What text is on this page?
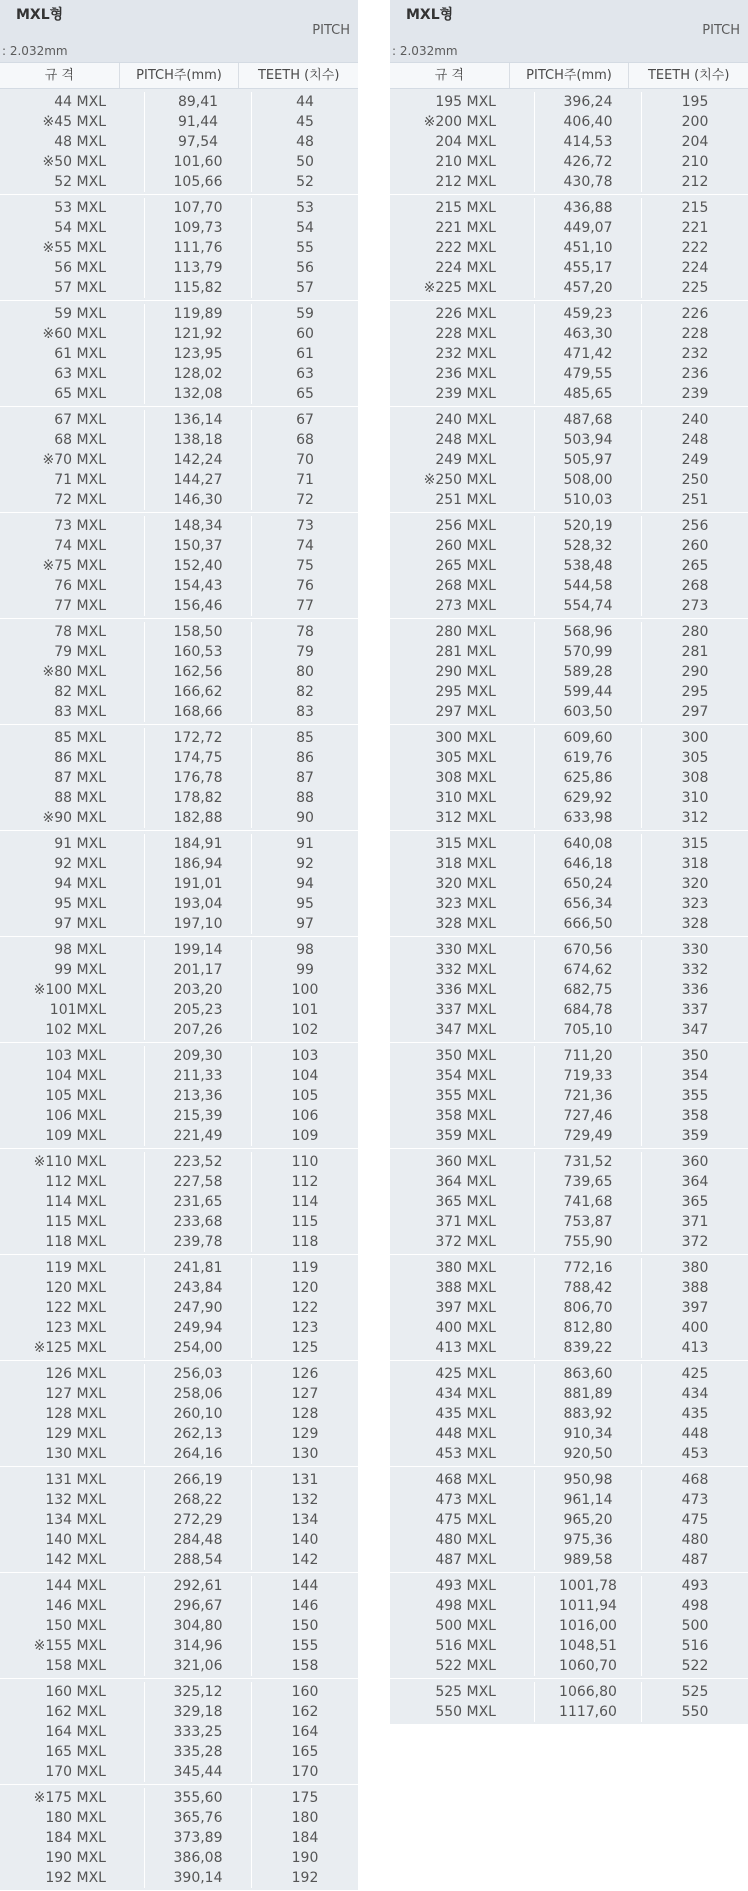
MXL형
PITCH
: 2.032mm
규 격	PITCH주(mm)	TEETH (치수)
44 MXL	89,41	44
※45 MXL	91,44	45
48 MXL	97,54	48
※50 MXL	101,60	50
52 MXL	105,66	52
53 MXL	107,70	53
54 MXL	109,73	54
※55 MXL	111,76	55
56 MXL	113,79	56
57 MXL	115,82	57
59 MXL	119,89	59
※60 MXL	121,92	60
61 MXL	123,95	61
63 MXL	128,02	63
65 MXL	132,08	65
67 MXL	136,14	67
68 MXL	138,18	68
※70 MXL	142,24	70
71 MXL	144,27	71
72 MXL	146,30	72
73 MXL	148,34	73
74 MXL	150,37	74
※75 MXL	152,40	75
76 MXL	154,43	76
77 MXL	156,46	77
78 MXL	158,50	78
79 MXL	160,53	79
※80 MXL	162,56	80
82 MXL	166,62	82
83 MXL	168,66	83
85 MXL	172,72	85
86 MXL	174,75	86
87 MXL	176,78	87
88 MXL	178,82	88
※90 MXL	182,88	90
91 MXL	184,91	91
92 MXL	186,94	92
94 MXL	191,01	94
95 MXL	193,04	95
97 MXL	197,10	97
98 MXL	199,14	98
99 MXL	201,17	99
※100 MXL	203,20	100
101MXL	205,23	101
102 MXL	207,26	102
103 MXL	209,30	103
104 MXL	211,33	104
105 MXL	213,36	105
106 MXL	215,39	106
109 MXL	221,49	109
※110 MXL	223,52	110
112 MXL	227,58	112
114 MXL	231,65	114
115 MXL	233,68	115
118 MXL	239,78	118
119 MXL	241,81	119
120 MXL	243,84	120
122 MXL	247,90	122
123 MXL	249,94	123
※125 MXL	254,00	125
126 MXL	256,03	126
127 MXL	258,06	127
128 MXL	260,10	128
129 MXL	262,13	129
130 MXL	264,16	130
131 MXL	266,19	131
132 MXL	268,22	132
134 MXL	272,29	134
140 MXL	284,48	140
142 MXL	288,54	142
144 MXL	292,61	144
146 MXL	296,67	146
150 MXL	304,80	150
※155 MXL	314,96	155
158 MXL	321,06	158
160 MXL	325,12	160
162 MXL	329,18	162
164 MXL	333,25	164
165 MXL	335,28	165
170 MXL	345,44	170
※175 MXL	355,60	175
180 MXL	365,76	180
184 MXL	373,89	184
190 MXL	386,08	190
192 MXL	390,14	192
MXL형
PITCH
: 2.032mm
규 격	PITCH주(mm)	TEETH (치수)
195 MXL	396,24	195
※200 MXL	406,40	200
204 MXL	414,53	204
210 MXL	426,72	210
212 MXL	430,78	212
215 MXL	436,88	215
221 MXL	449,07	221
222 MXL	451,10	222
224 MXL	455,17	224
※225 MXL	457,20	225
226 MXL	459,23	226
228 MXL	463,30	228
232 MXL	471,42	232
236 MXL	479,55	236
239 MXL	485,65	239
240 MXL	487,68	240
248 MXL	503,94	248
249 MXL	505,97	249
※250 MXL	508,00	250
251 MXL	510,03	251
256 MXL	520,19	256
260 MXL	528,32	260
265 MXL	538,48	265
268 MXL	544,58	268
273 MXL	554,74	273
280 MXL	568,96	280
281 MXL	570,99	281
290 MXL	589,28	290
295 MXL	599,44	295
297 MXL	603,50	297
300 MXL	609,60	300
305 MXL	619,76	305
308 MXL	625,86	308
310 MXL	629,92	310
312 MXL	633,98	312
315 MXL	640,08	315
318 MXL	646,18	318
320 MXL	650,24	320
323 MXL	656,34	323
328 MXL	666,50	328
330 MXL	670,56	330
332 MXL	674,62	332
336 MXL	682,75	336
337 MXL	684,78	337
347 MXL	705,10	347
350 MXL	711,20	350
354 MXL	719,33	354
355 MXL	721,36	355
358 MXL	727,46	358
359 MXL	729,49	359
360 MXL	731,52	360
364 MXL	739,65	364
365 MXL	741,68	365
371 MXL	753,87	371
372 MXL	755,90	372
380 MXL	772,16	380
388 MXL	788,42	388
397 MXL	806,70	397
400 MXL	812,80	400
413 MXL	839,22	413
425 MXL	863,60	425
434 MXL	881,89	434
435 MXL	883,92	435
448 MXL	910,34	448
453 MXL	920,50	453
468 MXL	950,98	468
473 MXL	961,14	473
475 MXL	965,20	475
480 MXL	975,36	480
487 MXL	989,58	487
493 MXL	1001,78	493
498 MXL	1011,94	498
500 MXL	1016,00	500
516 MXL	1048,51	516
522 MXL	1060,70	522
525 MXL	1066,80	525
550 MXL	1117,60	550
